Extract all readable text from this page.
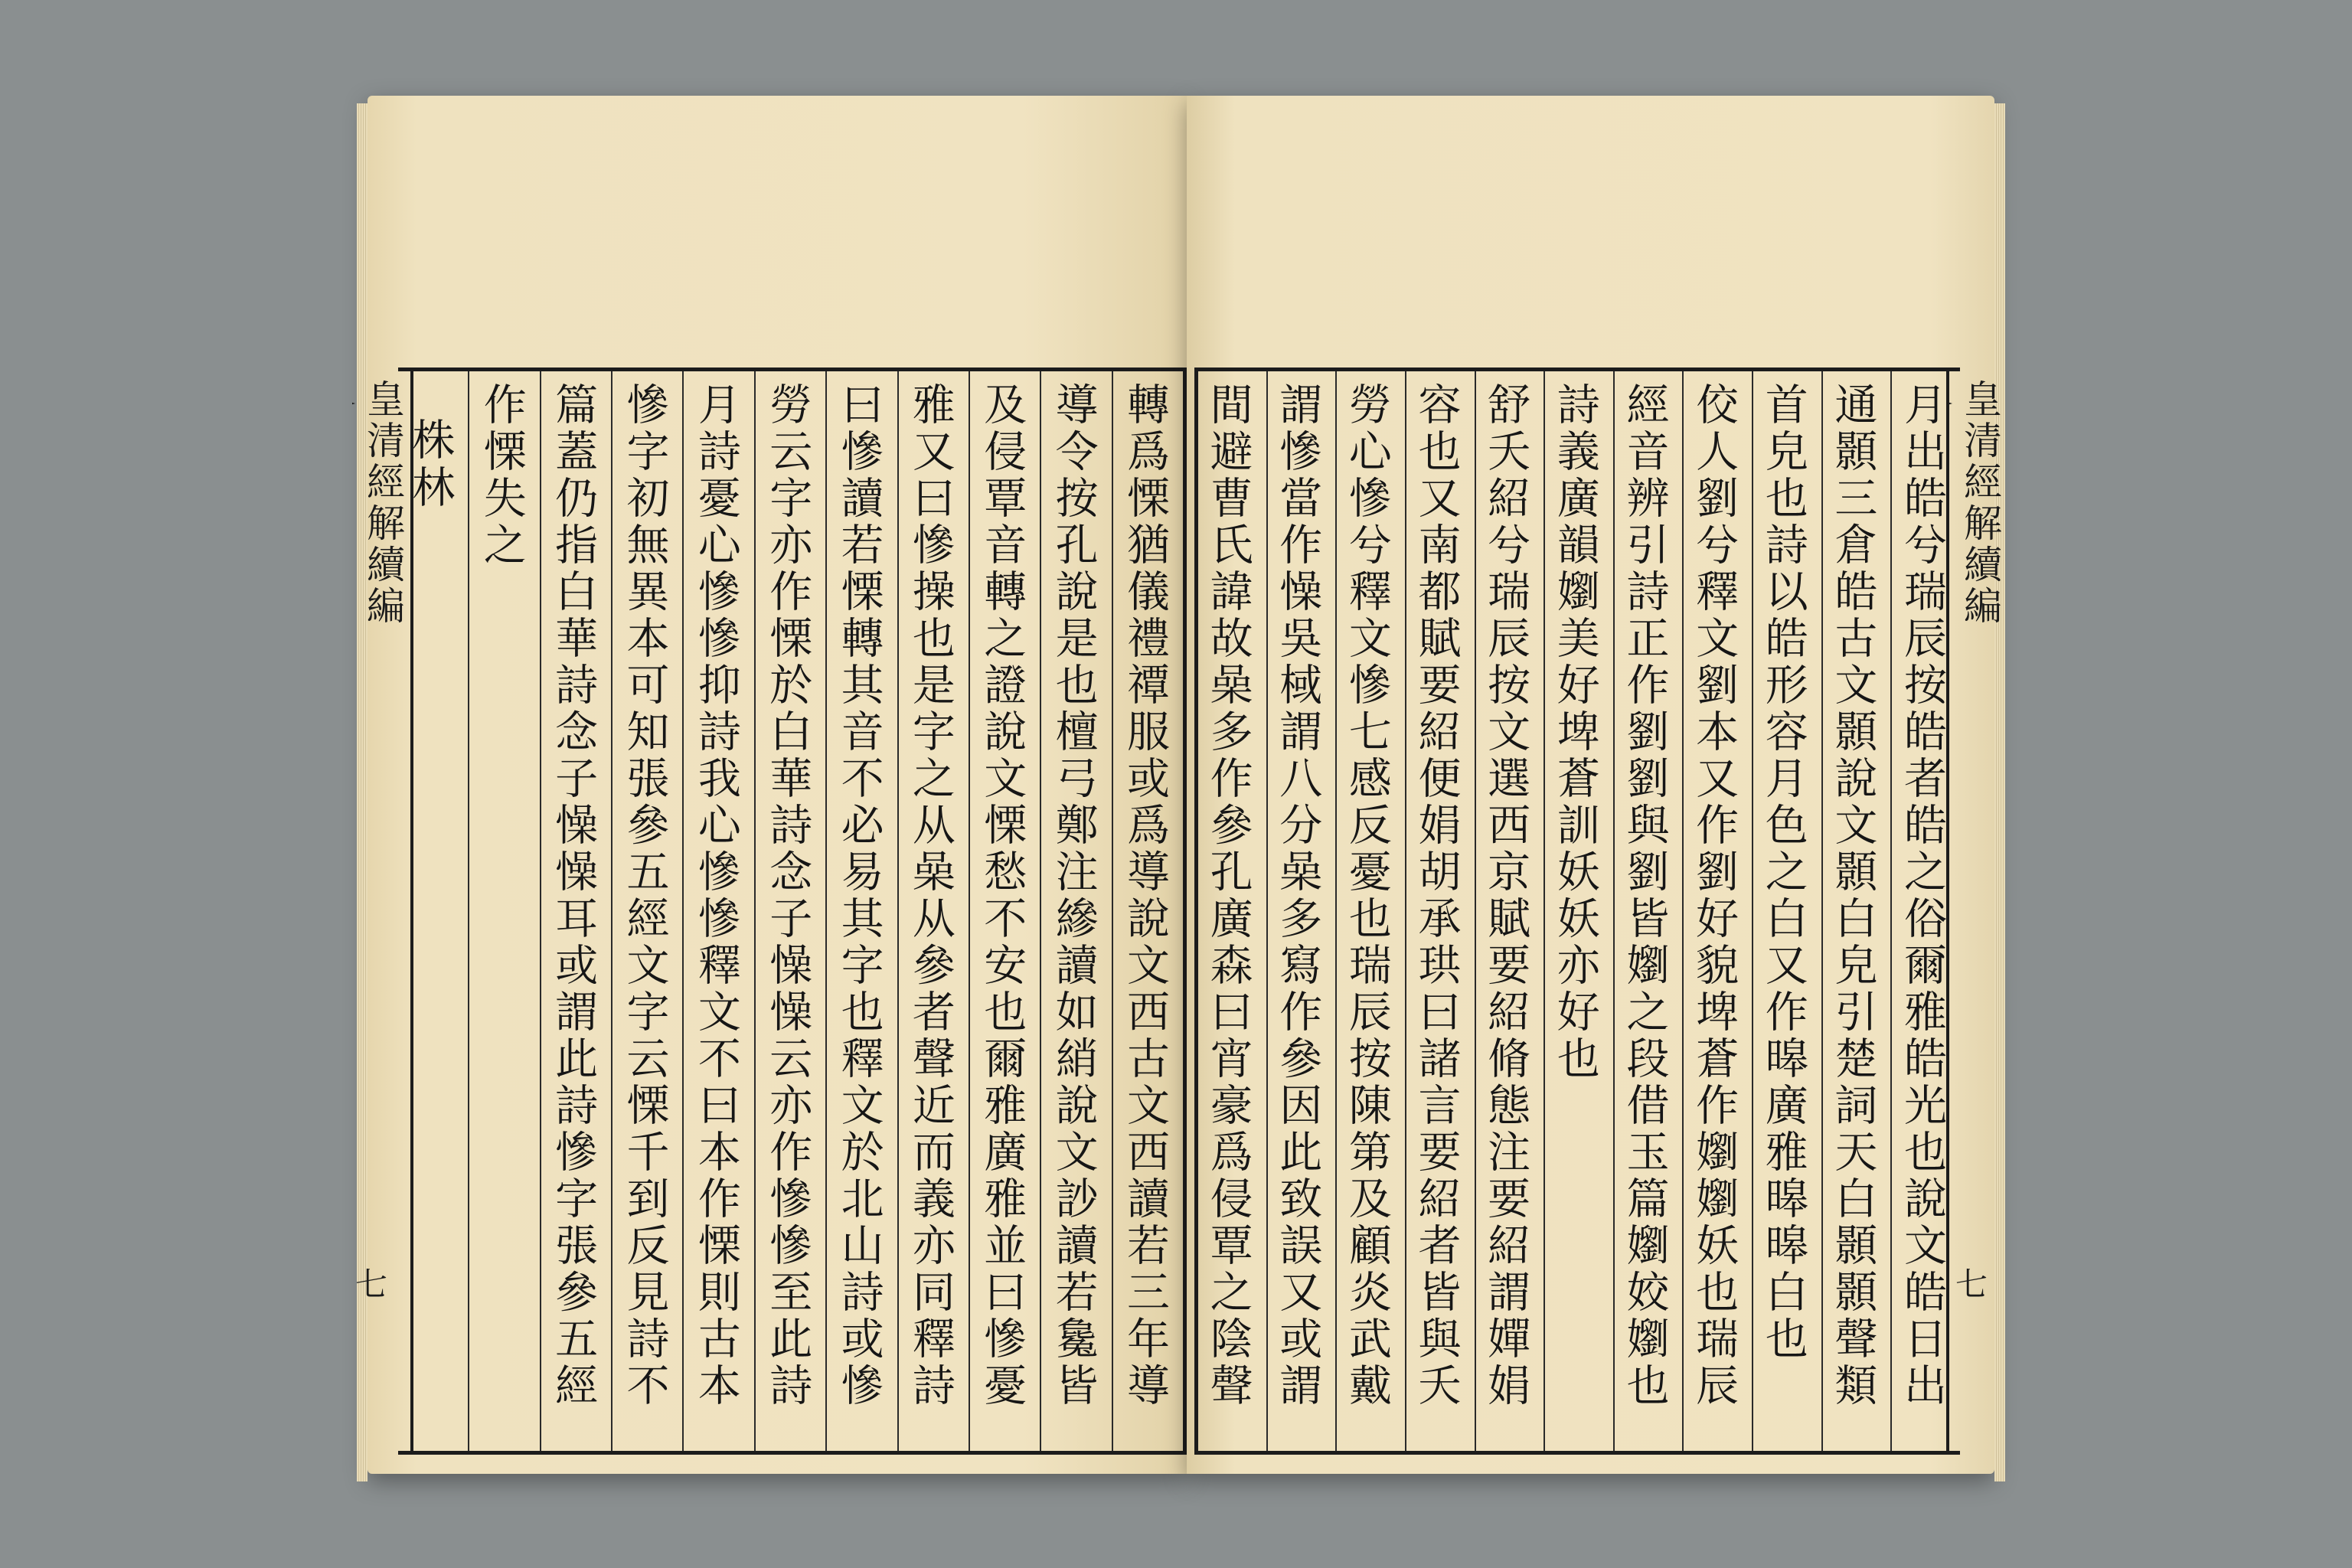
轉爲慄猶儀禮禫服或爲導說文西古文西讀若三年導
導令按孔說是也檀弓鄭注縿讀如綃說文訬讀若毚皆
及侵覃音轉之證說文慄愁不安也爾雅廣雅並曰慘憂
雅又曰慘操也是字之从喿从參者聲近而義亦同釋詩
曰慘讀若慄轉其音不必易其字也釋文於北山詩或慘
勞云字亦作慄於白華詩念子懆懆云亦作慘慘至此詩
月詩憂心慘慘抑詩我心慘慘釋文不曰本作慄則古本
慘字初無異本可知張參五經文字云慄千到反見詩不
篇蓋仍指白華詩念子懆懆耳或謂此詩慘字張參五經
作慄失之
株林
皇清經解續編
七
月出皓兮瑞辰按皓者皓之俗爾雅皓光也說文皓日出
通顥三倉皓古文顥說文顥白皃引楚詞天白顥顥聲類
首皃也詩以皓形容月色之白又作暤廣雅暤暤白也
佼人劉兮釋文劉本又作劉好貌埤蒼作嬼嬼妖也瑞辰
經音辨引詩正作劉劉與劉皆嬼之段借玉篇嬼姣嬼也
詩義廣韻嬼美好埤蒼訓妖妖亦好也
舒夭紹兮瑞辰按文選西京賦要紹脩態注要紹謂嬋娟
容也又南都賦要紹便娟胡承珙曰諸言要紹者皆與夭
勞心慘兮釋文慘七感反憂也瑞辰按陳第及顧炎武戴
謂慘當作懆吳棫謂八分喿多寫作參因此致誤又或謂
間避曹氏諱故喿多作參孔廣森曰宵豪爲侵覃之陰聲
皇清經解續編
七
